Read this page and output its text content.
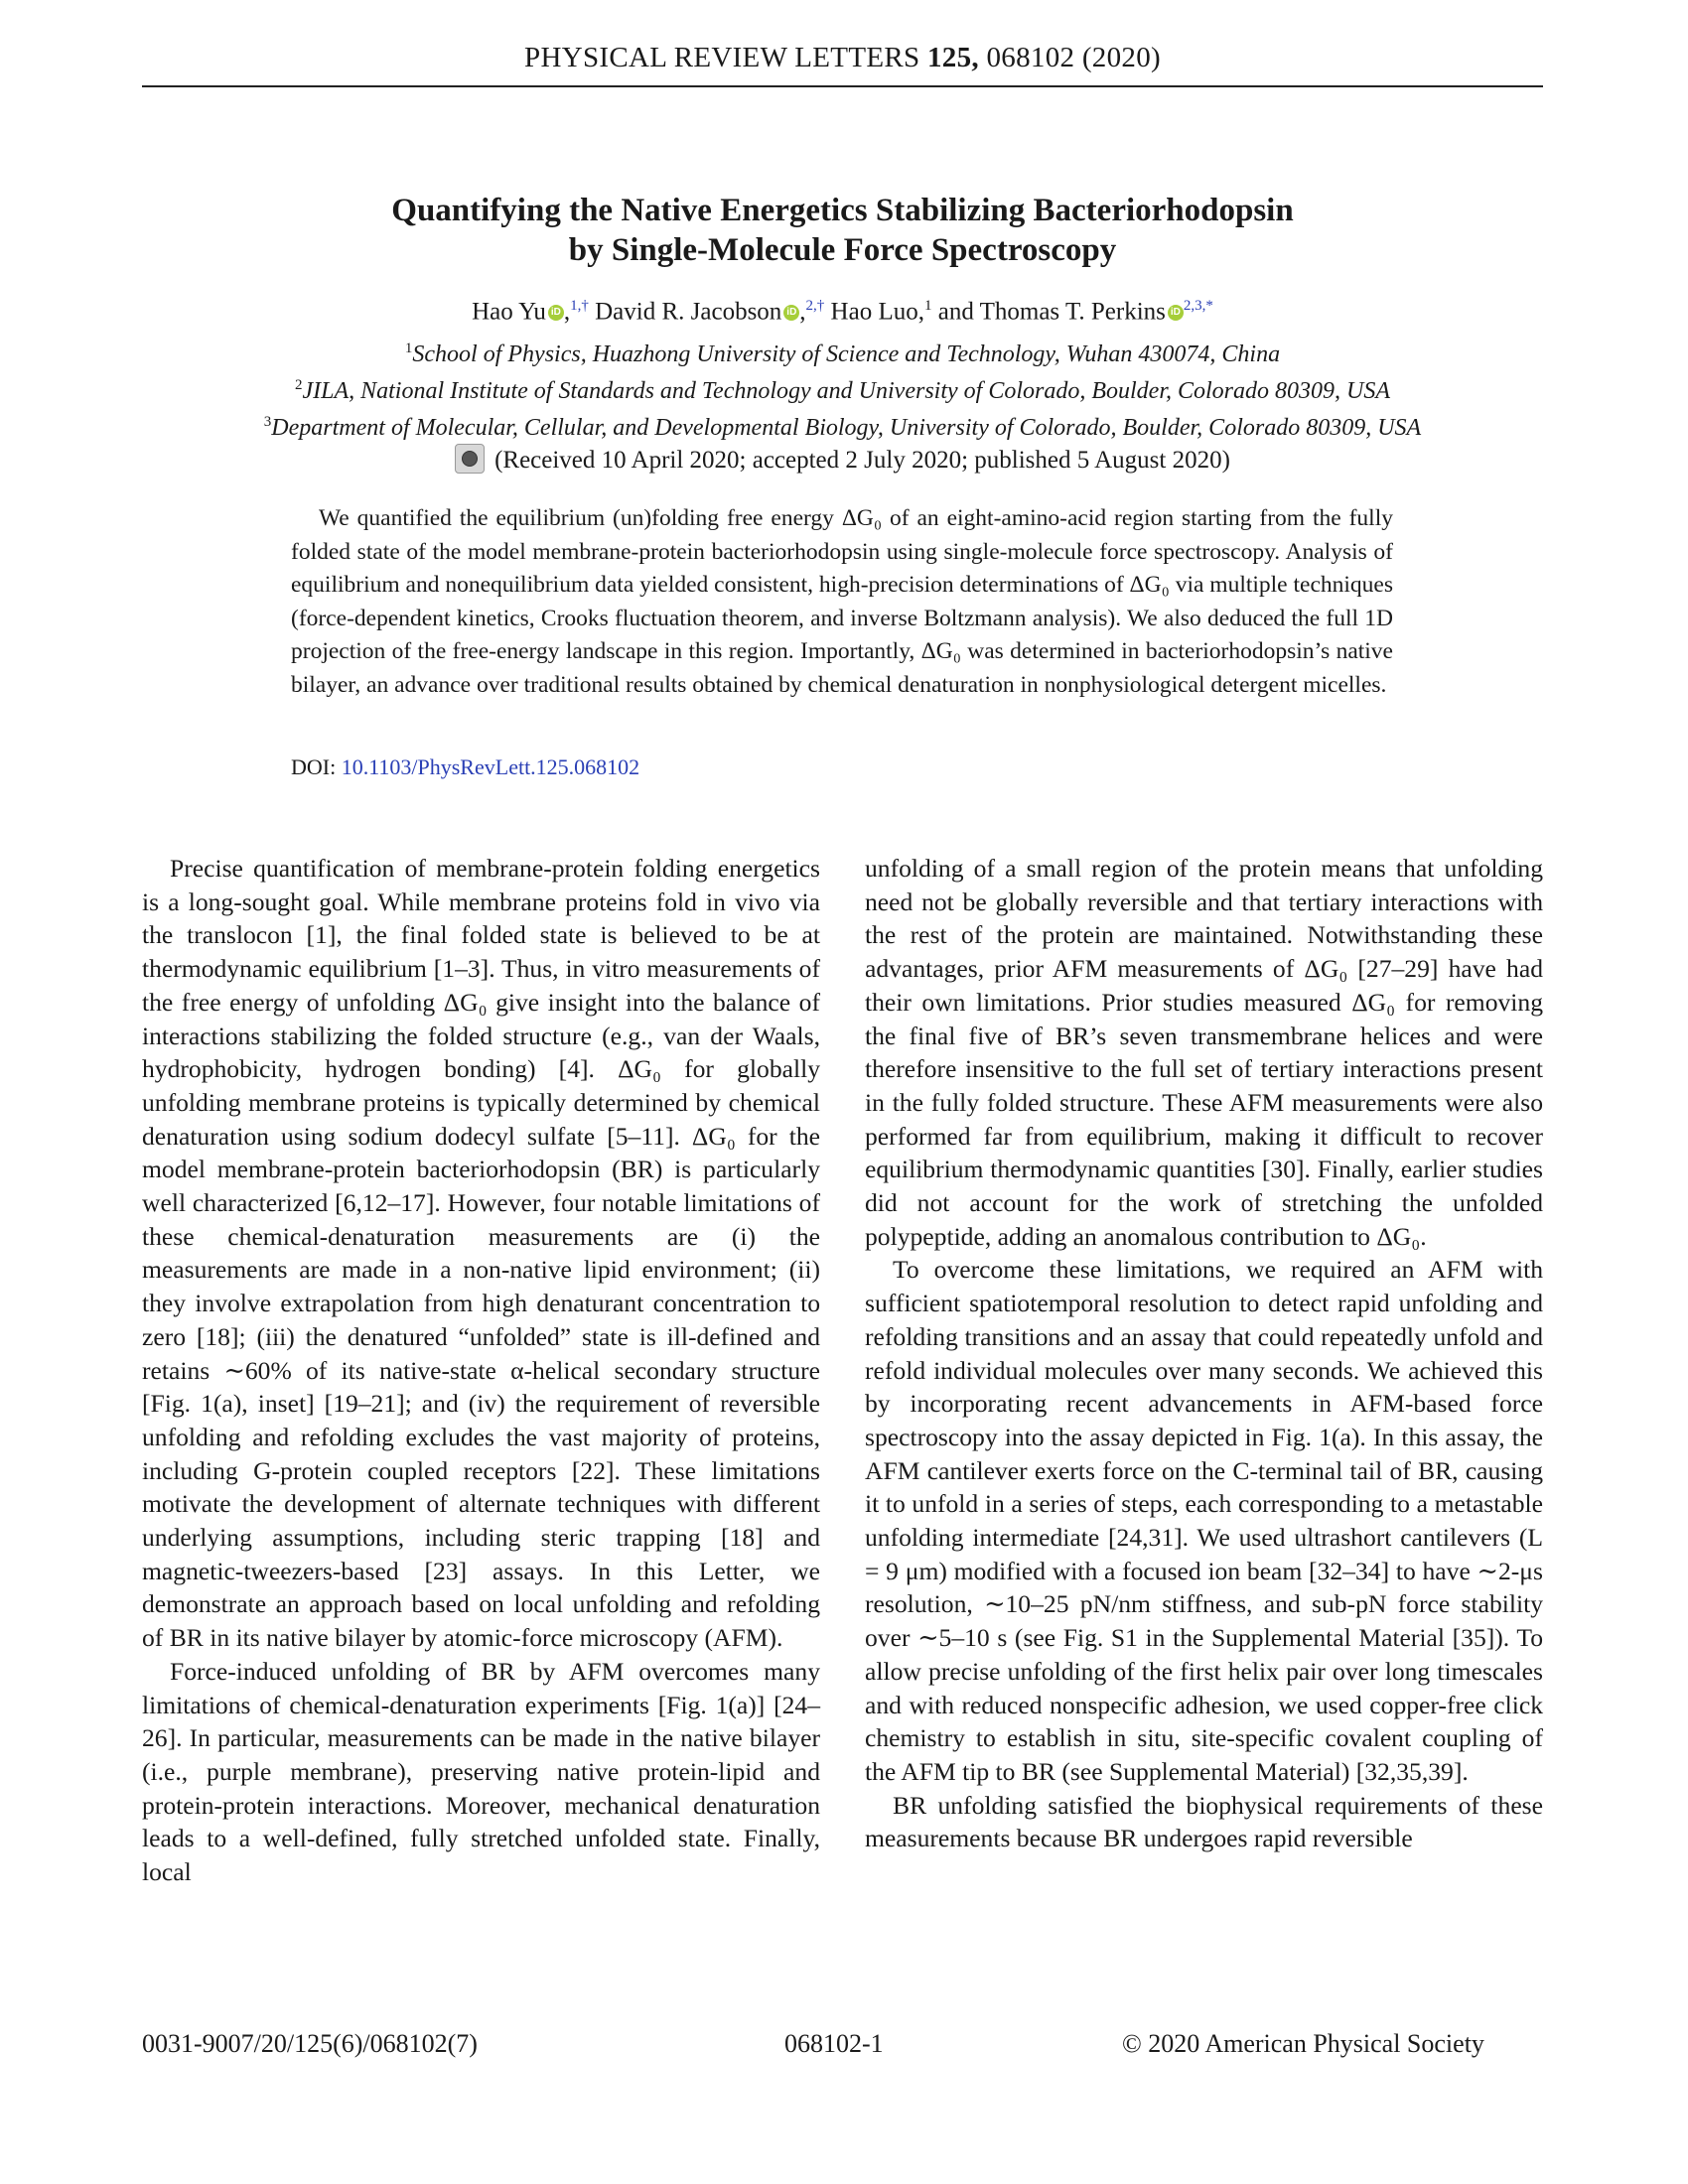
PHYSICAL REVIEW LETTERS 125, 068102 (2020)
Quantifying the Native Energetics Stabilizing Bacteriorhodopsin
by Single-Molecule Force Spectroscopy
Hao Yu iD ,$^{1,\dagger}$ David R. Jacobson iD ,$^{2,\dagger}$ Hao Luo,$^1$ and Thomas T. Perkins iD $^{2,3,*}$
$^1$School of Physics, Huazhong University of Science and Technology, Wuhan 430074, China
$^2$JILA, National Institute of Standards and Technology and University of Colorado, Boulder, Colorado 80309, USA
$^3$Department of Molecular, Cellular, and Developmental Biology, University of Colorado, Boulder, Colorado 80309, USA
(Received 10 April 2020; accepted 2 July 2020; published 5 August 2020)

We quantified the equilibrium (un)folding free energy ΔG₀ of an eight-amino-acid region starting from the fully folded state of the model membrane-protein bacteriorhodopsin using single-molecule force spectroscopy. Analysis of equilibrium and nonequilibrium data yielded consistent, high-precision determinations of ΔG₀ via multiple techniques (force-dependent kinetics, Crooks fluctuation theorem, and inverse Boltzmann analysis). We also deduced the full 1D projection of the free-energy landscape in this region. Importantly, ΔG₀ was determined in bacteriorhodopsin’s native bilayer, an advance over traditional results obtained by chemical denaturation in nonphysiological detergent micelles.

DOI: 10.1103/PhysRevLett.125.068102

Precise quantification of membrane-protein folding energetics is a long-sought goal. While membrane proteins fold in vivo via the translocon [1], the final folded state is believed to be at thermodynamic equilibrium [1–3]. Thus, in vitro measurements of the free energy of unfolding ΔG₀ give insight into the balance of interactions stabilizing the folded structure (e.g., van der Waals, hydrophobicity, hydrogen bonding) [4]. ΔG₀ for globally unfolding membrane proteins is typically determined by chemical denaturation using sodium dodecyl sulfate [5–11]. ΔG₀ for the model membrane-protein bacteriorhodopsin (BR) is particularly well characterized [6,12–17]. However, four notable limitations of these chemical-denaturation measurements are (i) the measurements are made in a non-native lipid environment; (ii) they involve extrapolation from high denaturant concentration to zero [18]; (iii) the denatured “unfolded” state is ill-defined and retains ∼60% of its native-state α-helical secondary structure [Fig. 1(a), inset] [19–21]; and (iv) the requirement of reversible unfolding and refolding excludes the vast majority of proteins, including G-protein coupled receptors [22]. These limitations motivate the development of alternate techniques with different underlying assumptions, including steric trapping [18] and magnetic-tweezers-based [23] assays. In this Letter, we demonstrate an approach based on local unfolding and refolding of BR in its native bilayer by atomic-force microscopy (AFM).

Force-induced unfolding of BR by AFM overcomes many limitations of chemical-denaturation experiments [Fig. 1(a)] [24–26]. In particular, measurements can be made in the native bilayer (i.e., purple membrane), preserving native protein-lipid and protein-protein interactions. Moreover, mechanical denaturation leads to a well-defined, fully stretched unfolded state. Finally, local

unfolding of a small region of the protein means that unfolding need not be globally reversible and that tertiary interactions with the rest of the protein are maintained. Notwithstanding these advantages, prior AFM measurements of ΔG₀ [27–29] have had their own limitations. Prior studies measured ΔG₀ for removing the final five of BR’s seven transmembrane helices and were therefore insensitive to the full set of tertiary interactions present in the fully folded structure. These AFM measurements were also performed far from equilibrium, making it difficult to recover equilibrium thermodynamic quantities [30]. Finally, earlier studies did not account for the work of stretching the unfolded polypeptide, adding an anomalous contribution to ΔG₀.

To overcome these limitations, we required an AFM with sufficient spatiotemporal resolution to detect rapid unfolding and refolding transitions and an assay that could repeatedly unfold and refold individual molecules over many seconds. We achieved this by incorporating recent advancements in AFM-based force spectroscopy into the assay depicted in Fig. 1(a). In this assay, the AFM cantilever exerts force on the C-terminal tail of BR, causing it to unfold in a series of steps, each corresponding to a metastable unfolding intermediate [24,31]. We used ultrashort cantilevers (L = 9 μm) modified with a focused ion beam [32–34] to have ∼2-μs resolution, ∼10–25 pN/nm stiffness, and sub-pN force stability over ∼5–10 s (see Fig. S1 in the Supplemental Material [35]). To allow precise unfolding of the first helix pair over long timescales and with reduced nonspecific adhesion, we used copper-free click chemistry to establish in situ, site-specific covalent coupling of the AFM tip to BR (see Supplemental Material) [32,35,39].

BR unfolding satisfied the biophysical requirements of these measurements because BR undergoes rapid reversible

0031-9007/20/125(6)/068102(7)	068102-1	© 2020 American Physical Society
